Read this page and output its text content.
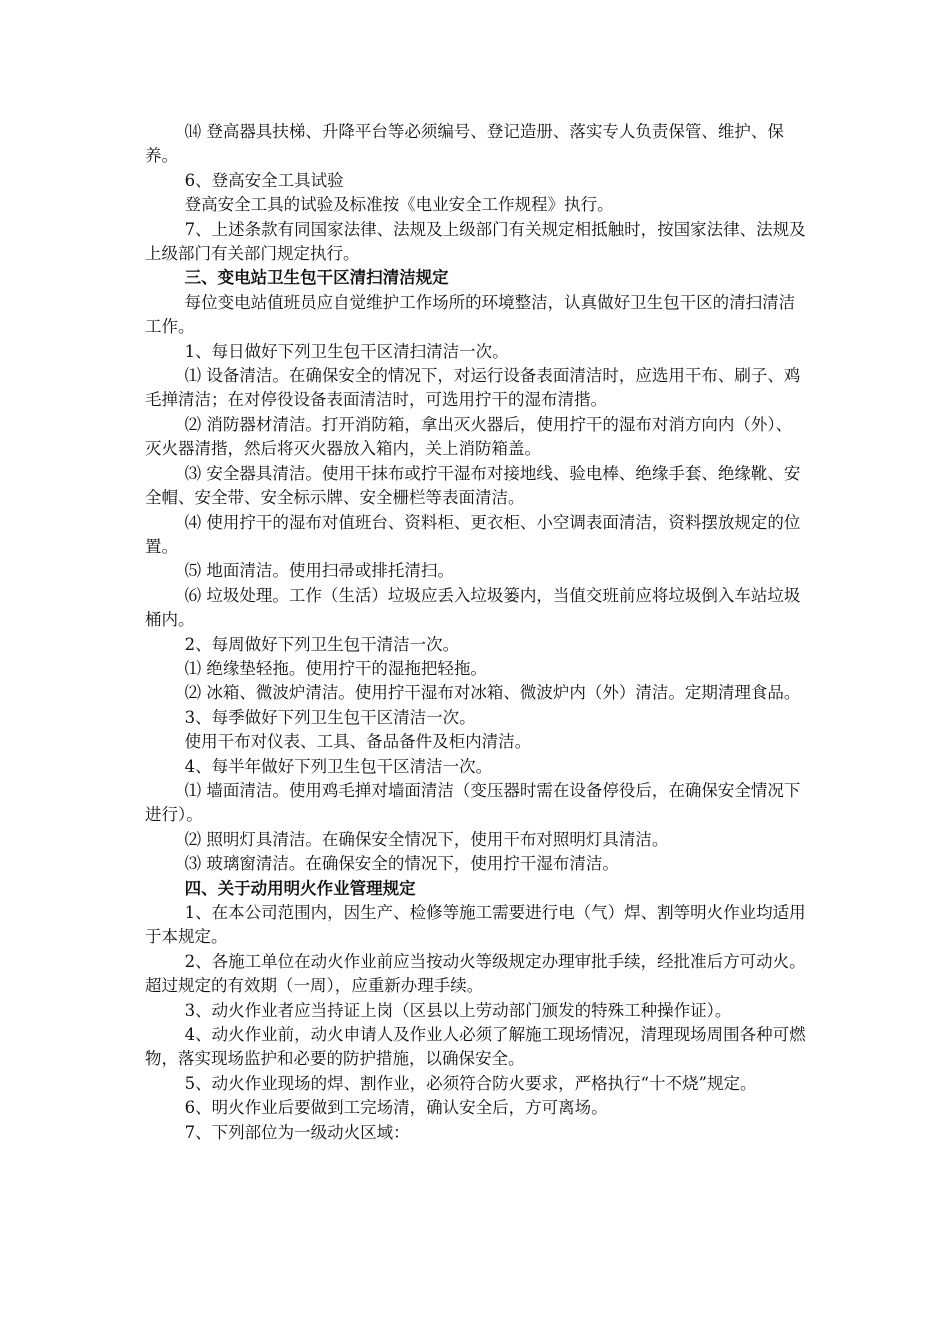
⒁ 登高器具扶梯、升降平台等必须编号、登记造册、落实专人负责保管、维护、保养。

6、登高安全工具试验

登高安全工具的试验及标准按《电业安全工作规程》执行。

7、上述条款有同国家法律、法规及上级部门有关规定相抵触时，按国家法律、法规及上级部门有关部门规定执行。

三、变电站卫生包干区清扫清洁规定

每位变电站值班员应自觉维护工作场所的环境整洁，认真做好卫生包干区的清扫清洁工作。

1、每日做好下列卫生包干区清扫清洁一次。

⑴ 设备清洁。在确保安全的情况下，对运行设备表面清洁时，应选用干布、刷子、鸡毛掸清洁；在对停役设备表面清洁时，可选用拧干的湿布清揩。

⑵ 消防器材清洁。打开消防箱，拿出灭火器后，使用拧干的湿布对消方向内（外）、灭火器清揩，然后将灭火器放入箱内，关上消防箱盖。

⑶ 安全器具清洁。使用干抹布或拧干湿布对接地线、验电棒、绝缘手套、绝缘靴、安全帽、安全带、安全标示牌、安全栅栏等表面清洁。

⑷ 使用拧干的湿布对值班台、资料柜、更衣柜、小空调表面清洁，资料摆放规定的位置。

⑸ 地面清洁。使用扫帚或排托清扫。

⑹ 垃圾处理。工作（生活）垃圾应丢入垃圾篓内，当值交班前应将垃圾倒入车站垃圾桶内。

2、每周做好下列卫生包干清洁一次。

⑴ 绝缘垫轻拖。使用拧干的湿拖把轻拖。

⑵ 冰箱、微波炉清洁。使用拧干湿布对冰箱、微波炉内（外）清洁。定期清理食品。

3、每季做好下列卫生包干区清洁一次。

使用干布对仪表、工具、备品备件及柜内清洁。

4、每半年做好下列卫生包干区清洁一次。

⑴ 墙面清洁。使用鸡毛掸对墙面清洁（变压器时需在设备停役后，在确保安全情况下进行）。

⑵ 照明灯具清洁。在确保安全情况下，使用干布对照明灯具清洁。

⑶ 玻璃窗清洁。在确保安全的情况下，使用拧干湿布清洁。

四、关于动用明火作业管理规定

1、在本公司范围内，因生产、检修等施工需要进行电（气）焊、割等明火作业均适用于本规定。

2、各施工单位在动火作业前应当按动火等级规定办理审批手续，经批准后方可动火。超过规定的有效期（一周），应重新办理手续。

3、动火作业者应当持证上岗（区县以上劳动部门颁发的特殊工种操作证）。

4、动火作业前，动火申请人及作业人必须了解施工现场情况，清理现场周围各种可燃物，落实现场监护和必要的防护措施，以确保安全。

5、动火作业现场的焊、割作业，必须符合防火要求，严格执行“十不烧”规定。

6、明火作业后要做到工完场清，确认安全后，方可离场。

7、下列部位为一级动火区域：
